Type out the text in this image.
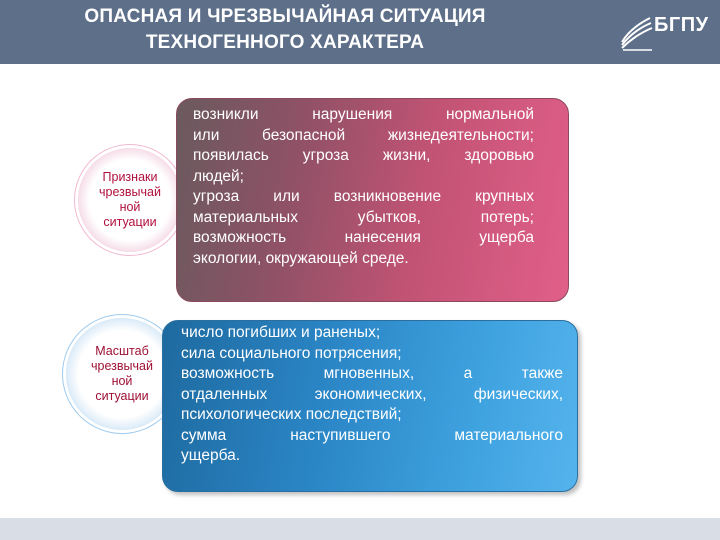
ОПАСНАЯ И ЧРЕЗВЫЧАЙНАЯ СИТУАЦИЯ
ТЕХНОГЕННОГО ХАРАКТЕРА
БГПУ
Признаки
чрезвычай
ной
ситуации
возникли нарушения нормальной
или безопасной жизнедеятельности;
появилась угроза жизни, здоровью
людей;
угроза или возникновение крупных
материальных убытков, потерь;
возможность нанесения ущерба
экологии, окружающей среде.
Масштаб
чрезвычай
ной
ситуации
число погибших и раненых;
сила социального потрясения;
возможность мгновенных, а также
отдаленных экономических, физических,
психологических последствий;
сумма наступившего материального
ущерба.
